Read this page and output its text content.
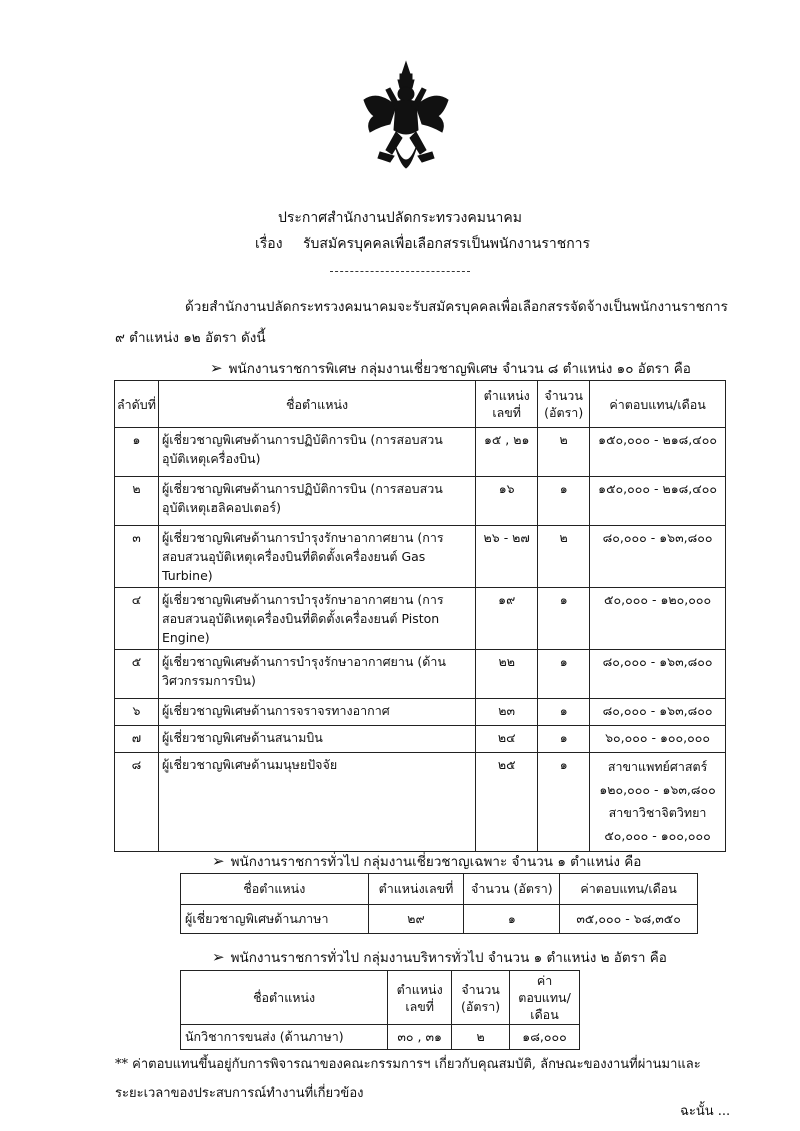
ประกาศสำนักงานปลัดกระทรวงคมนาคม
เรื่อง รับสมัครบุคคลเพื่อเลือกสรรเป็นพนักงานราชการ
ด้วยสำนักงานปลัดกระทรวงคมนาคมจะรับสมัครบุคคลเพื่อเลือกสรรจัดจ้างเป็นพนักงานราชการ
๙ ตำแหน่ง ๑๒ อัตรา ดังนี้
➢ พนักงานราชการพิเศษ กลุ่มงานเชี่ยวชาญพิเศษ จำนวน ๘ ตำแหน่ง ๑๐ อัตรา คือ
ลำดับที่	ชื่อตำแหน่ง	ตำแหน่งเลขที่	จำนวน (อัตรา)	ค่าตอบแทน/เดือน
๑	ผู้เชี่ยวชาญพิเศษด้านการปฏิบัติการบิน (การสอบสวนอุบัติเหตุเครื่องบิน)	๑๕ , ๒๑	๒	๑๕๐,๐๐๐ - ๒๑๘,๔๐๐
๒	ผู้เชี่ยวชาญพิเศษด้านการปฏิบัติการบิน (การสอบสวนอุบัติเหตุเฮลิคอปเตอร์)	๑๖	๑	๑๕๐,๐๐๐ - ๒๑๘,๔๐๐
๓	ผู้เชี่ยวชาญพิเศษด้านการบำรุงรักษาอากาศยาน (การสอบสวนอุบัติเหตุเครื่องบินที่ติดตั้งเครื่องยนต์ Gas Turbine)	๒๖ - ๒๗	๒	๘๐,๐๐๐ - ๑๖๓,๘๐๐
๔	ผู้เชี่ยวชาญพิเศษด้านการบำรุงรักษาอากาศยาน (การสอบสวนอุบัติเหตุเครื่องบินที่ติดตั้งเครื่องยนต์ Piston Engine)	๑๙	๑	๕๐,๐๐๐ - ๑๒๐,๐๐๐
๕	ผู้เชี่ยวชาญพิเศษด้านการบำรุงรักษาอากาศยาน (ด้านวิศวกรรมการบิน)	๒๒	๑	๘๐,๐๐๐ - ๑๖๓,๘๐๐
๖	ผู้เชี่ยวชาญพิเศษด้านการจราจรทางอากาศ	๒๓	๑	๘๐,๐๐๐ - ๑๖๓,๘๐๐
๗	ผู้เชี่ยวชาญพิเศษด้านสนามบิน	๒๔	๑	๖๐,๐๐๐ - ๑๐๐,๐๐๐
๘	ผู้เชี่ยวชาญพิเศษด้านมนุษยปัจจัย	๒๕	๑	สาขาแพทย์ศาสตร์
๑๒๐,๐๐๐ - ๑๖๓,๘๐๐
สาขาวิชาจิตวิทยา
๕๐,๐๐๐ - ๑๐๐,๐๐๐
➢ พนักงานราชการทั่วไป กลุ่มงานเชี่ยวชาญเฉพาะ จำนวน ๑ ตำแหน่ง คือ
ชื่อตำแหน่ง	ตำแหน่งเลขที่	จำนวน (อัตรา)	ค่าตอบแทน/เดือน
ผู้เชี่ยวชาญพิเศษด้านภาษา	๒๙	๑	๓๕,๐๐๐ - ๖๘,๓๕๐
➢ พนักงานราชการทั่วไป กลุ่มงานบริหารทั่วไป จำนวน ๑ ตำแหน่ง ๒ อัตรา คือ
ชื่อตำแหน่ง	ตำแหน่งเลขที่	จำนวน (อัตรา)	ค่าตอบแทน/เดือน
นักวิชาการขนส่ง (ด้านภาษา)	๓๐ , ๓๑	๒	๑๘,๐๐๐
** ค่าตอบแทนขึ้นอยู่กับการพิจารณาของคณะกรรมการฯ เกี่ยวกับคุณสมบัติ, ลักษณะของงานที่ผ่านมาและ
ระยะเวลาของประสบการณ์ทำงานที่เกี่ยวข้อง
ฉะนั้น ...
